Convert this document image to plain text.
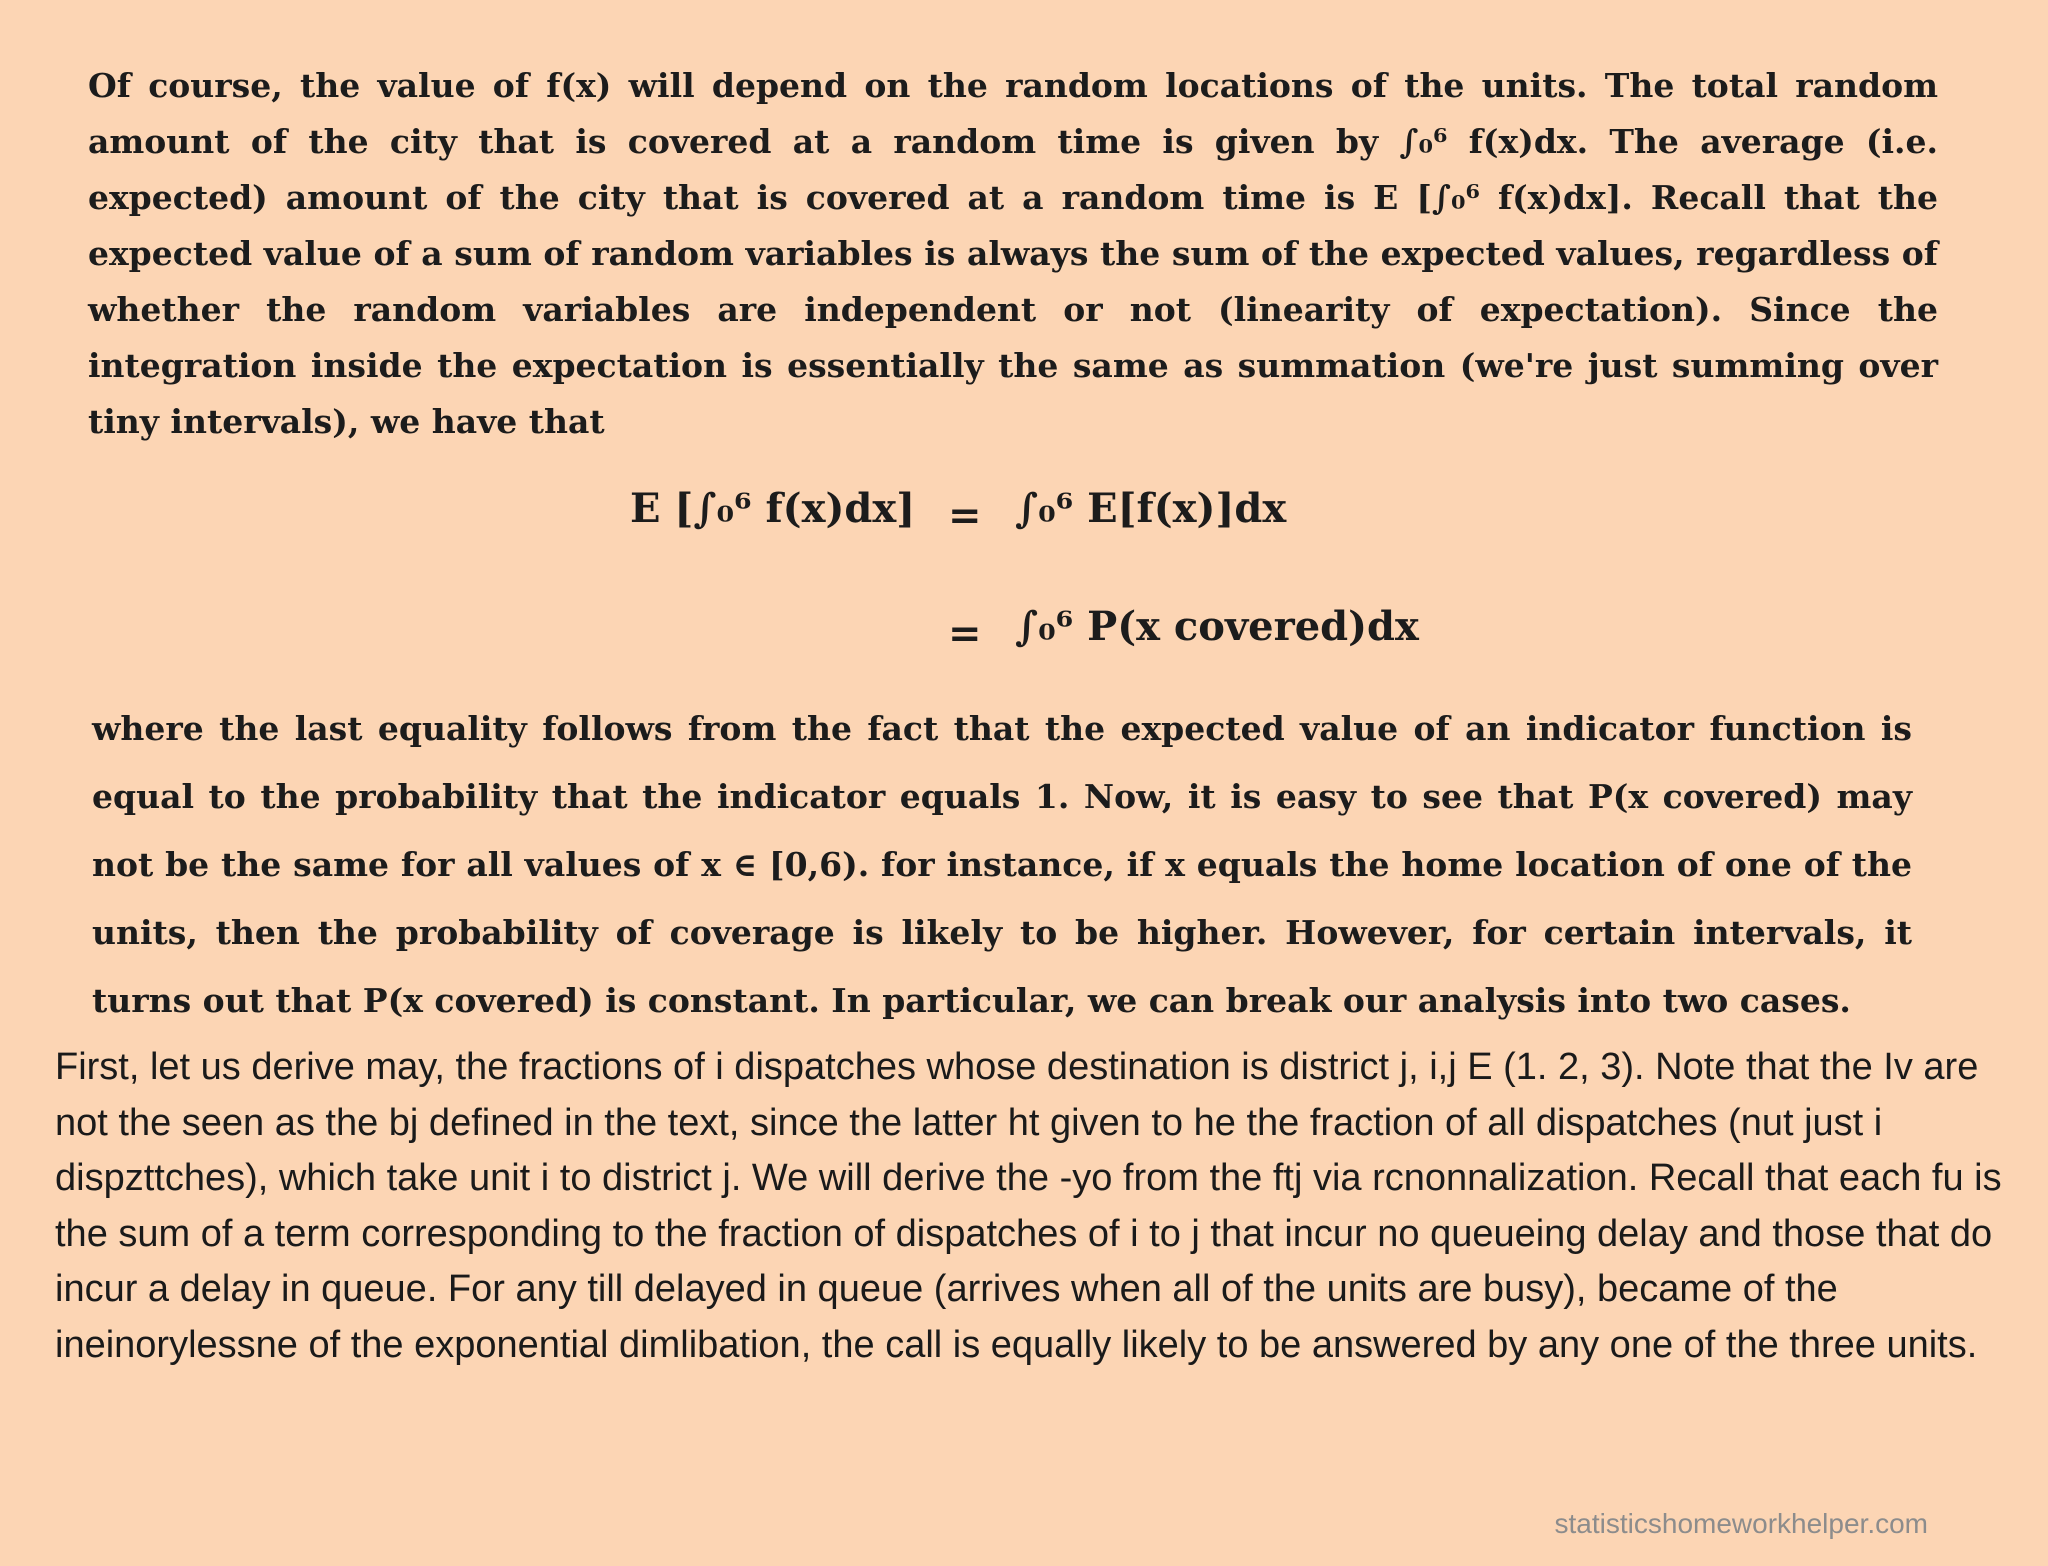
Of course, the value of f(x) will depend on the random locations of the units. The total random amount of the city that is covered at a random time is given by ∫₀⁶ f(x)dx. The average (i.e. expected) amount of the city that is covered at a random time is E [∫₀⁶ f(x)dx]. Recall that the expected value of a sum of random variables is always the sum of the expected values, regardless of whether the random variables are independent or not (linearity of expectation). Since the integration inside the expectation is essentially the same as summation (we're just summing over tiny intervals), we have that
E [∫₀⁶ f(x)dx] = ∫₀⁶ E[f(x)]dx
= ∫₀⁶ P(x covered)dx
where the last equality follows from the fact that the expected value of an indicator function is equal to the probability that the indicator equals 1. Now, it is easy to see that P(x covered) may not be the same for all values of x ∈ [0,6). for instance, if x equals the home location of one of the units, then the probability of coverage is likely to be higher. However, for certain intervals, it turns out that P(x covered) is constant. In particular, we can break our analysis into two cases.
First, let us derive may, the fractions of i dispatches whose destination is district j, i,j E (1. 2, 3). Note that the Iv are not the seen as the bj defined in the text, since the latter ht given to he the fraction of all dispatches (nut just i dispzttches), which take unit i to district j. We will derive the -yo from the ftj via rcnonnalization. Recall that each fu is the sum of a term corresponding to the fraction of dispatches of i to j that incur no queueing delay and those that do incur a delay in queue. For any till delayed in queue (arrives when all of the units are busy), became of the ineinorylessne of the exponential dimlibation, the call is equally likely to be answered by any one of the three units.
statisticshomeworkhelper.com
